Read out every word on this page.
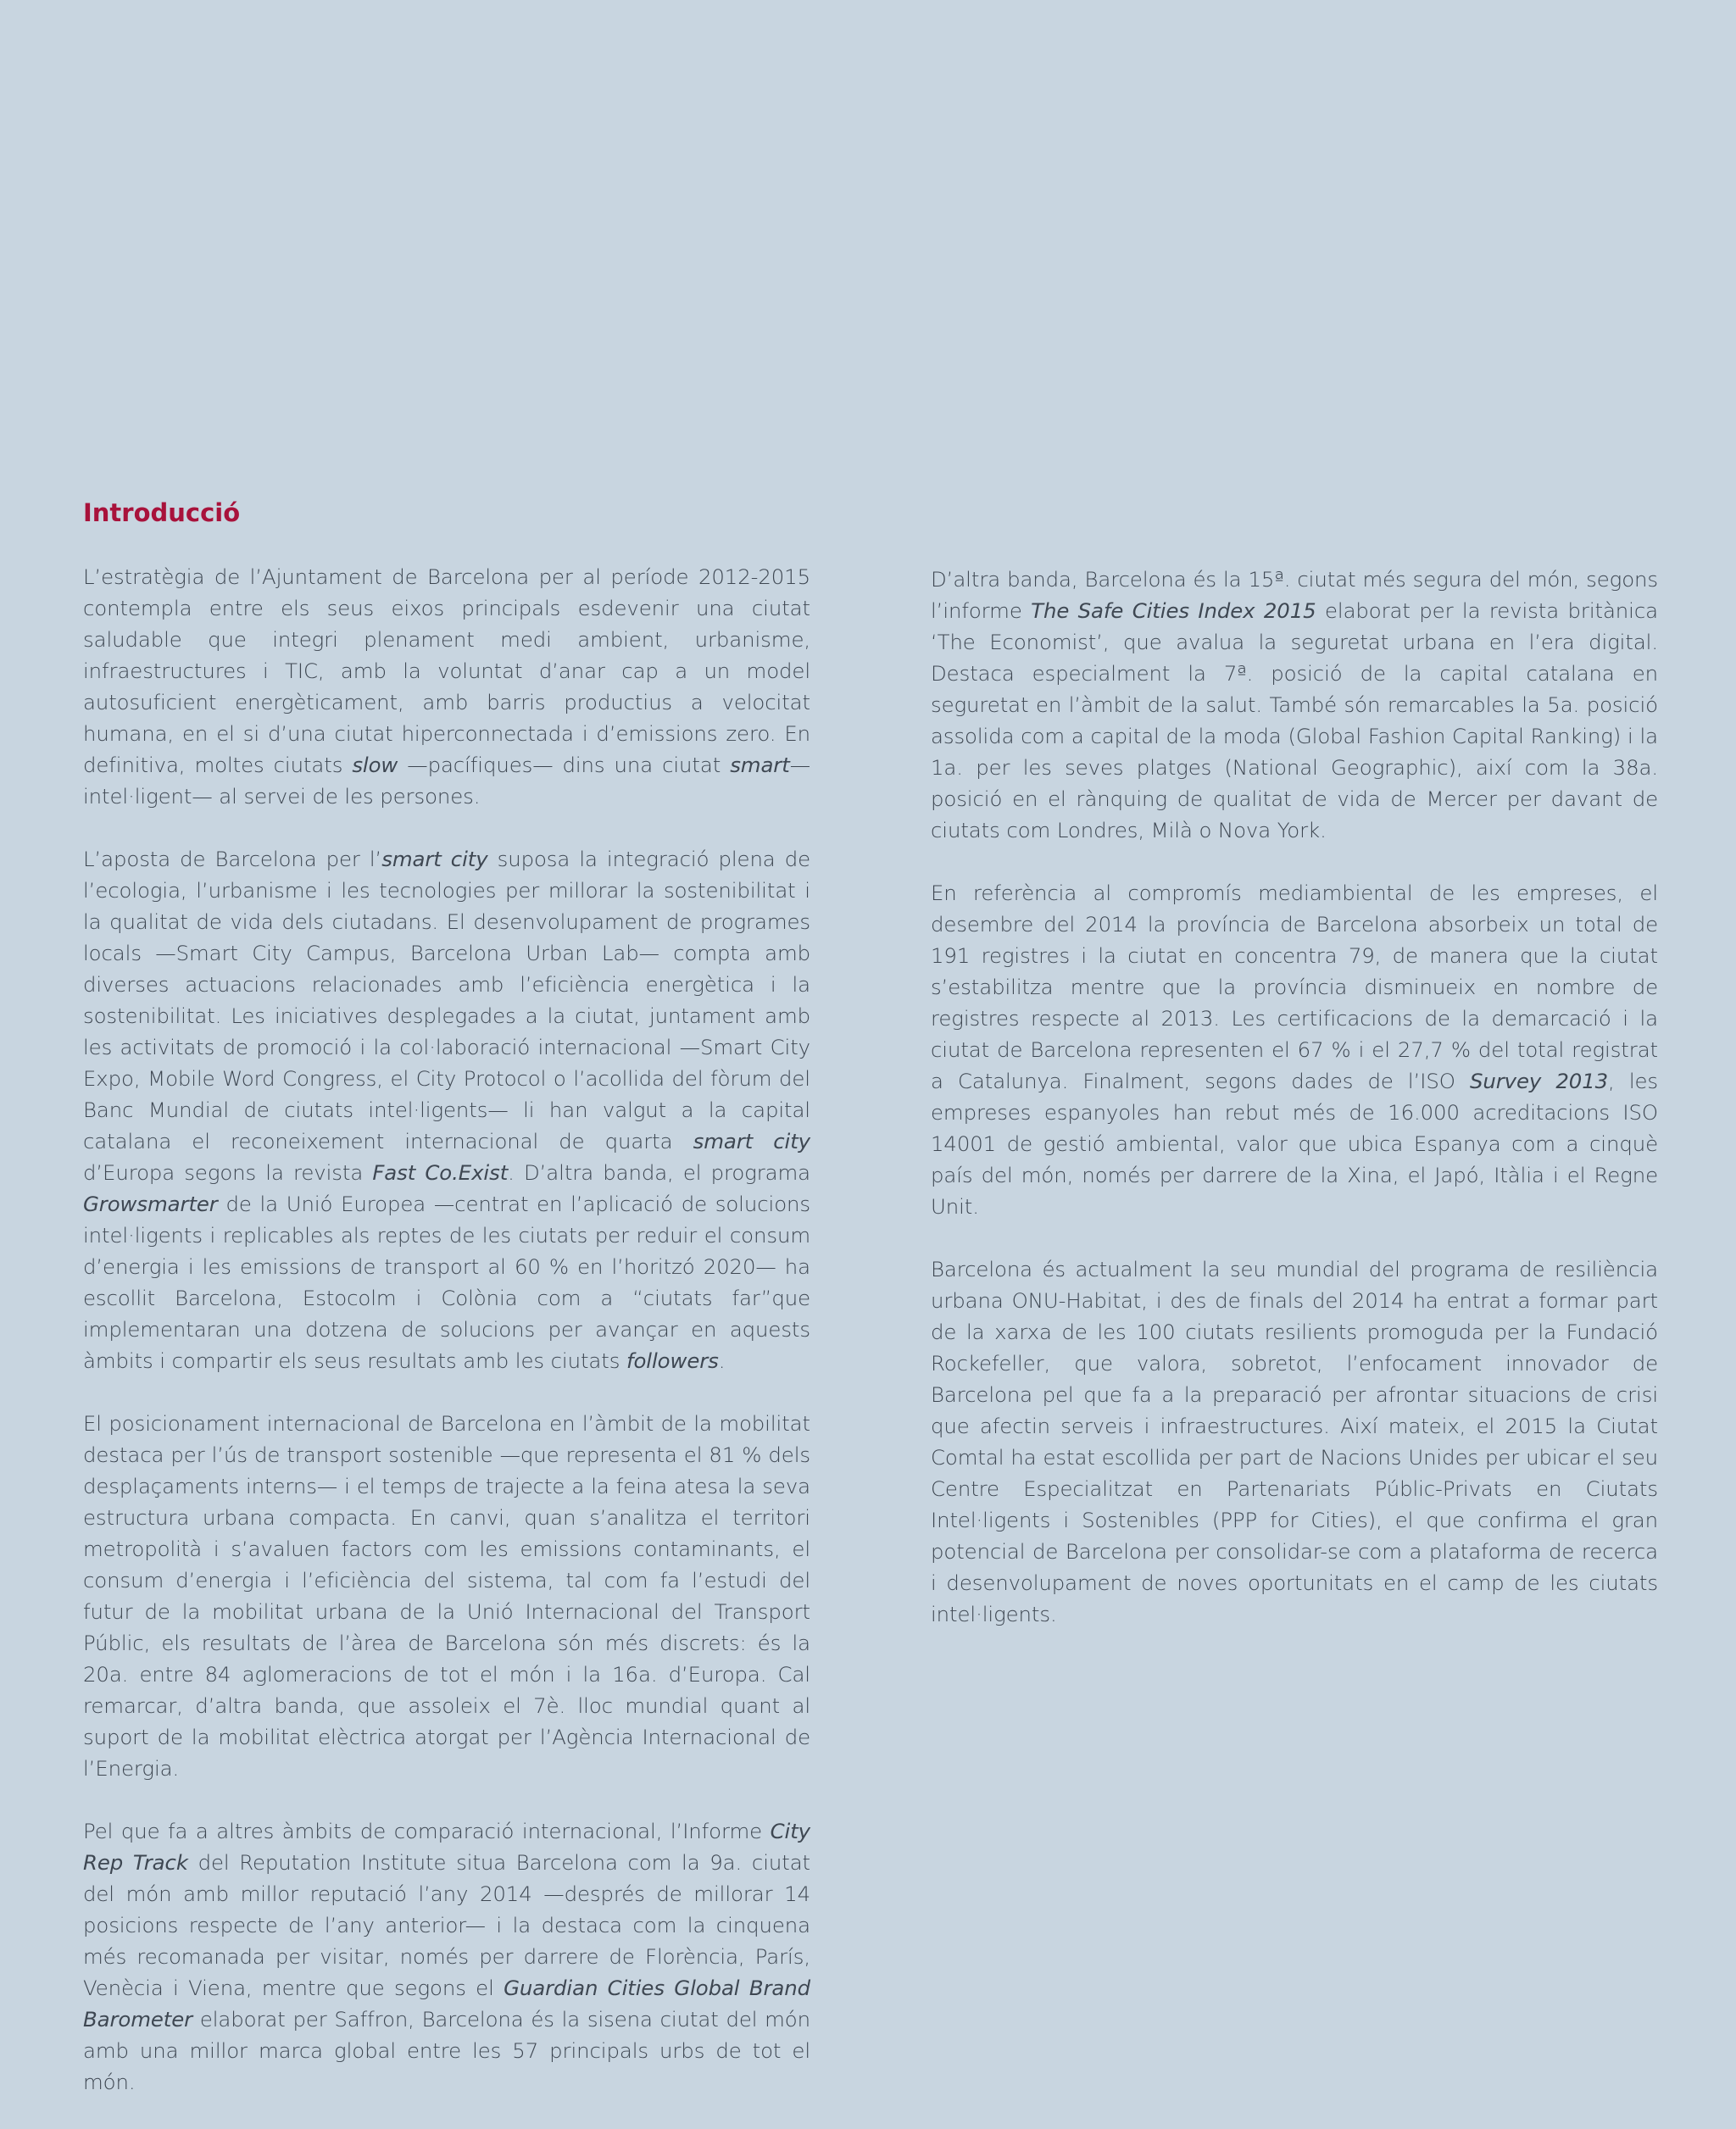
Introducció

L’estratègia de l’Ajuntament de Barcelona per al període 2012-2015 contempla entre els seus eixos principals esdevenir una ciutat saludable que integri plenament medi ambient, urbanisme, infraestructures i TIC, amb la voluntat d’anar cap a un model autosuficient energèticament, amb barris productius a velocitat humana, en el si d’una ciutat hiperconnectada i d’emissions zero. En definitiva, moltes ciutats slow —pacífiques— dins una ciutat smart—intel·ligent— al servei de les persones.

L’aposta de Barcelona per l’smart city suposa la integració plena de l’ecologia, l’urbanisme i les tecnologies per millorar la sostenibilitat i la qualitat de vida dels ciutadans. El desenvolupament de programes locals —Smart City Campus, Barcelona Urban Lab— compta amb diverses actuacions relacionades amb l’eficiència energètica i la sostenibilitat. Les iniciatives desplegades a la ciutat, juntament amb les activitats de promoció i la col·laboració internacional —Smart City Expo, Mobile Word Congress, el City Protocol o l’acollida del fòrum del Banc Mundial de ciutats intel·ligents— li han valgut a la capital catalana el reconeixement internacional de quarta smart city d’Europa segons la revista Fast Co.Exist. D’altra banda, el programa Growsmarter de la Unió Europea —centrat en l’aplicació de solucions intel·ligents i replicables als reptes de les ciutats per reduir el consum d’energia i les emissions de transport al 60 % en l’horitzó 2020— ha escollit Barcelona, Estocolm i Colònia com a “ciutats far”que implementaran una dotzena de solucions per avançar en aquests àmbits i compartir els seus resultats amb les ciutats followers.

El posicionament internacional de Barcelona en l’àmbit de la mobilitat destaca per l’ús de transport sostenible —que representa el 81 % dels desplaçaments interns— i el temps de trajecte a la feina atesa la seva estructura urbana compacta. En canvi, quan s’analitza el territori metropolità i s’avaluen factors com les emissions contaminants, el consum d’energia i l’eficiència del sistema, tal com fa l’estudi del futur de la mobilitat urbana de la Unió Internacional del Transport Públic, els resultats de l’àrea de Barcelona són més discrets: és la 20a. entre 84 aglomeracions de tot el món i la 16a. d’Europa. Cal remarcar, d’altra banda, que assoleix el 7è. lloc mundial quant al suport de la mobilitat elèctrica atorgat per l’Agència Internacional de l’Energia.

Pel que fa a altres àmbits de comparació internacional, l’Informe City Rep Track del Reputation Institute situa Barcelona com la 9a. ciutat del món amb millor reputació l’any 2014 —després de millorar 14 posicions respecte de l’any anterior— i la destaca com la cinquena més recomanada per visitar, només per darrere de Florència, París, Venècia i Viena, mentre que segons el Guardian Cities Global Brand Barometer elaborat per Saffron, Barcelona és la sisena ciutat del món amb una millor marca global entre les 57 principals urbs de tot el món.

D’altra banda, Barcelona és la 15ª. ciutat més segura del món, segons l’informe The Safe Cities Index 2015 elaborat per la revista britànica ‘The Economist’, que avalua la seguretat urbana en l’era digital. Destaca especialment la 7ª. posició de la capital catalana en seguretat en l’àmbit de la salut. També són remarcables la 5a. posició assolida com a capital de la moda (Global Fashion Capital Ranking) i la 1a. per les seves platges (National Geographic), així com la 38a. posició en el rànquing de qualitat de vida de Mercer per davant de ciutats com Londres, Milà o Nova York.

En referència al compromís mediambiental de les empreses, el desembre del 2014 la província de Barcelona absorbeix un total de 191 registres i la ciutat en concentra 79, de manera que la ciutat s’estabilitza mentre que la província disminueix en nombre de registres respecte al 2013. Les certificacions de la demarcació i la ciutat de Barcelona representen el 67 % i el 27,7 % del total registrat a Catalunya. Finalment, segons dades de l’ISO Survey 2013, les empreses espanyoles han rebut més de 16.000 acreditacions ISO 14001 de gestió ambiental, valor que ubica Espanya com a cinquè país del món, només per darrere de la Xina, el Japó, Itàlia i el Regne Unit.

Barcelona és actualment la seu mundial del programa de resiliència urbana ONU-Habitat, i des de finals del 2014 ha entrat a formar part de la xarxa de les 100 ciutats resilients promoguda per la Fundació Rockefeller, que valora, sobretot, l’enfocament innovador de Barcelona pel que fa a la preparació per afrontar situacions de crisi que afectin serveis i infraestructures. Així mateix, el 2015 la Ciutat Comtal ha estat escollida per part de Nacions Unides per ubicar el seu Centre Especialitzat en Partenariats Públic-Privats en Ciutats Intel·ligents i Sostenibles (PPP for Cities), el que confirma el gran potencial de Barcelona per consolidar-se com a plataforma de recerca i desenvolupament de noves oportunitats en el camp de les ciutats intel·ligents.
